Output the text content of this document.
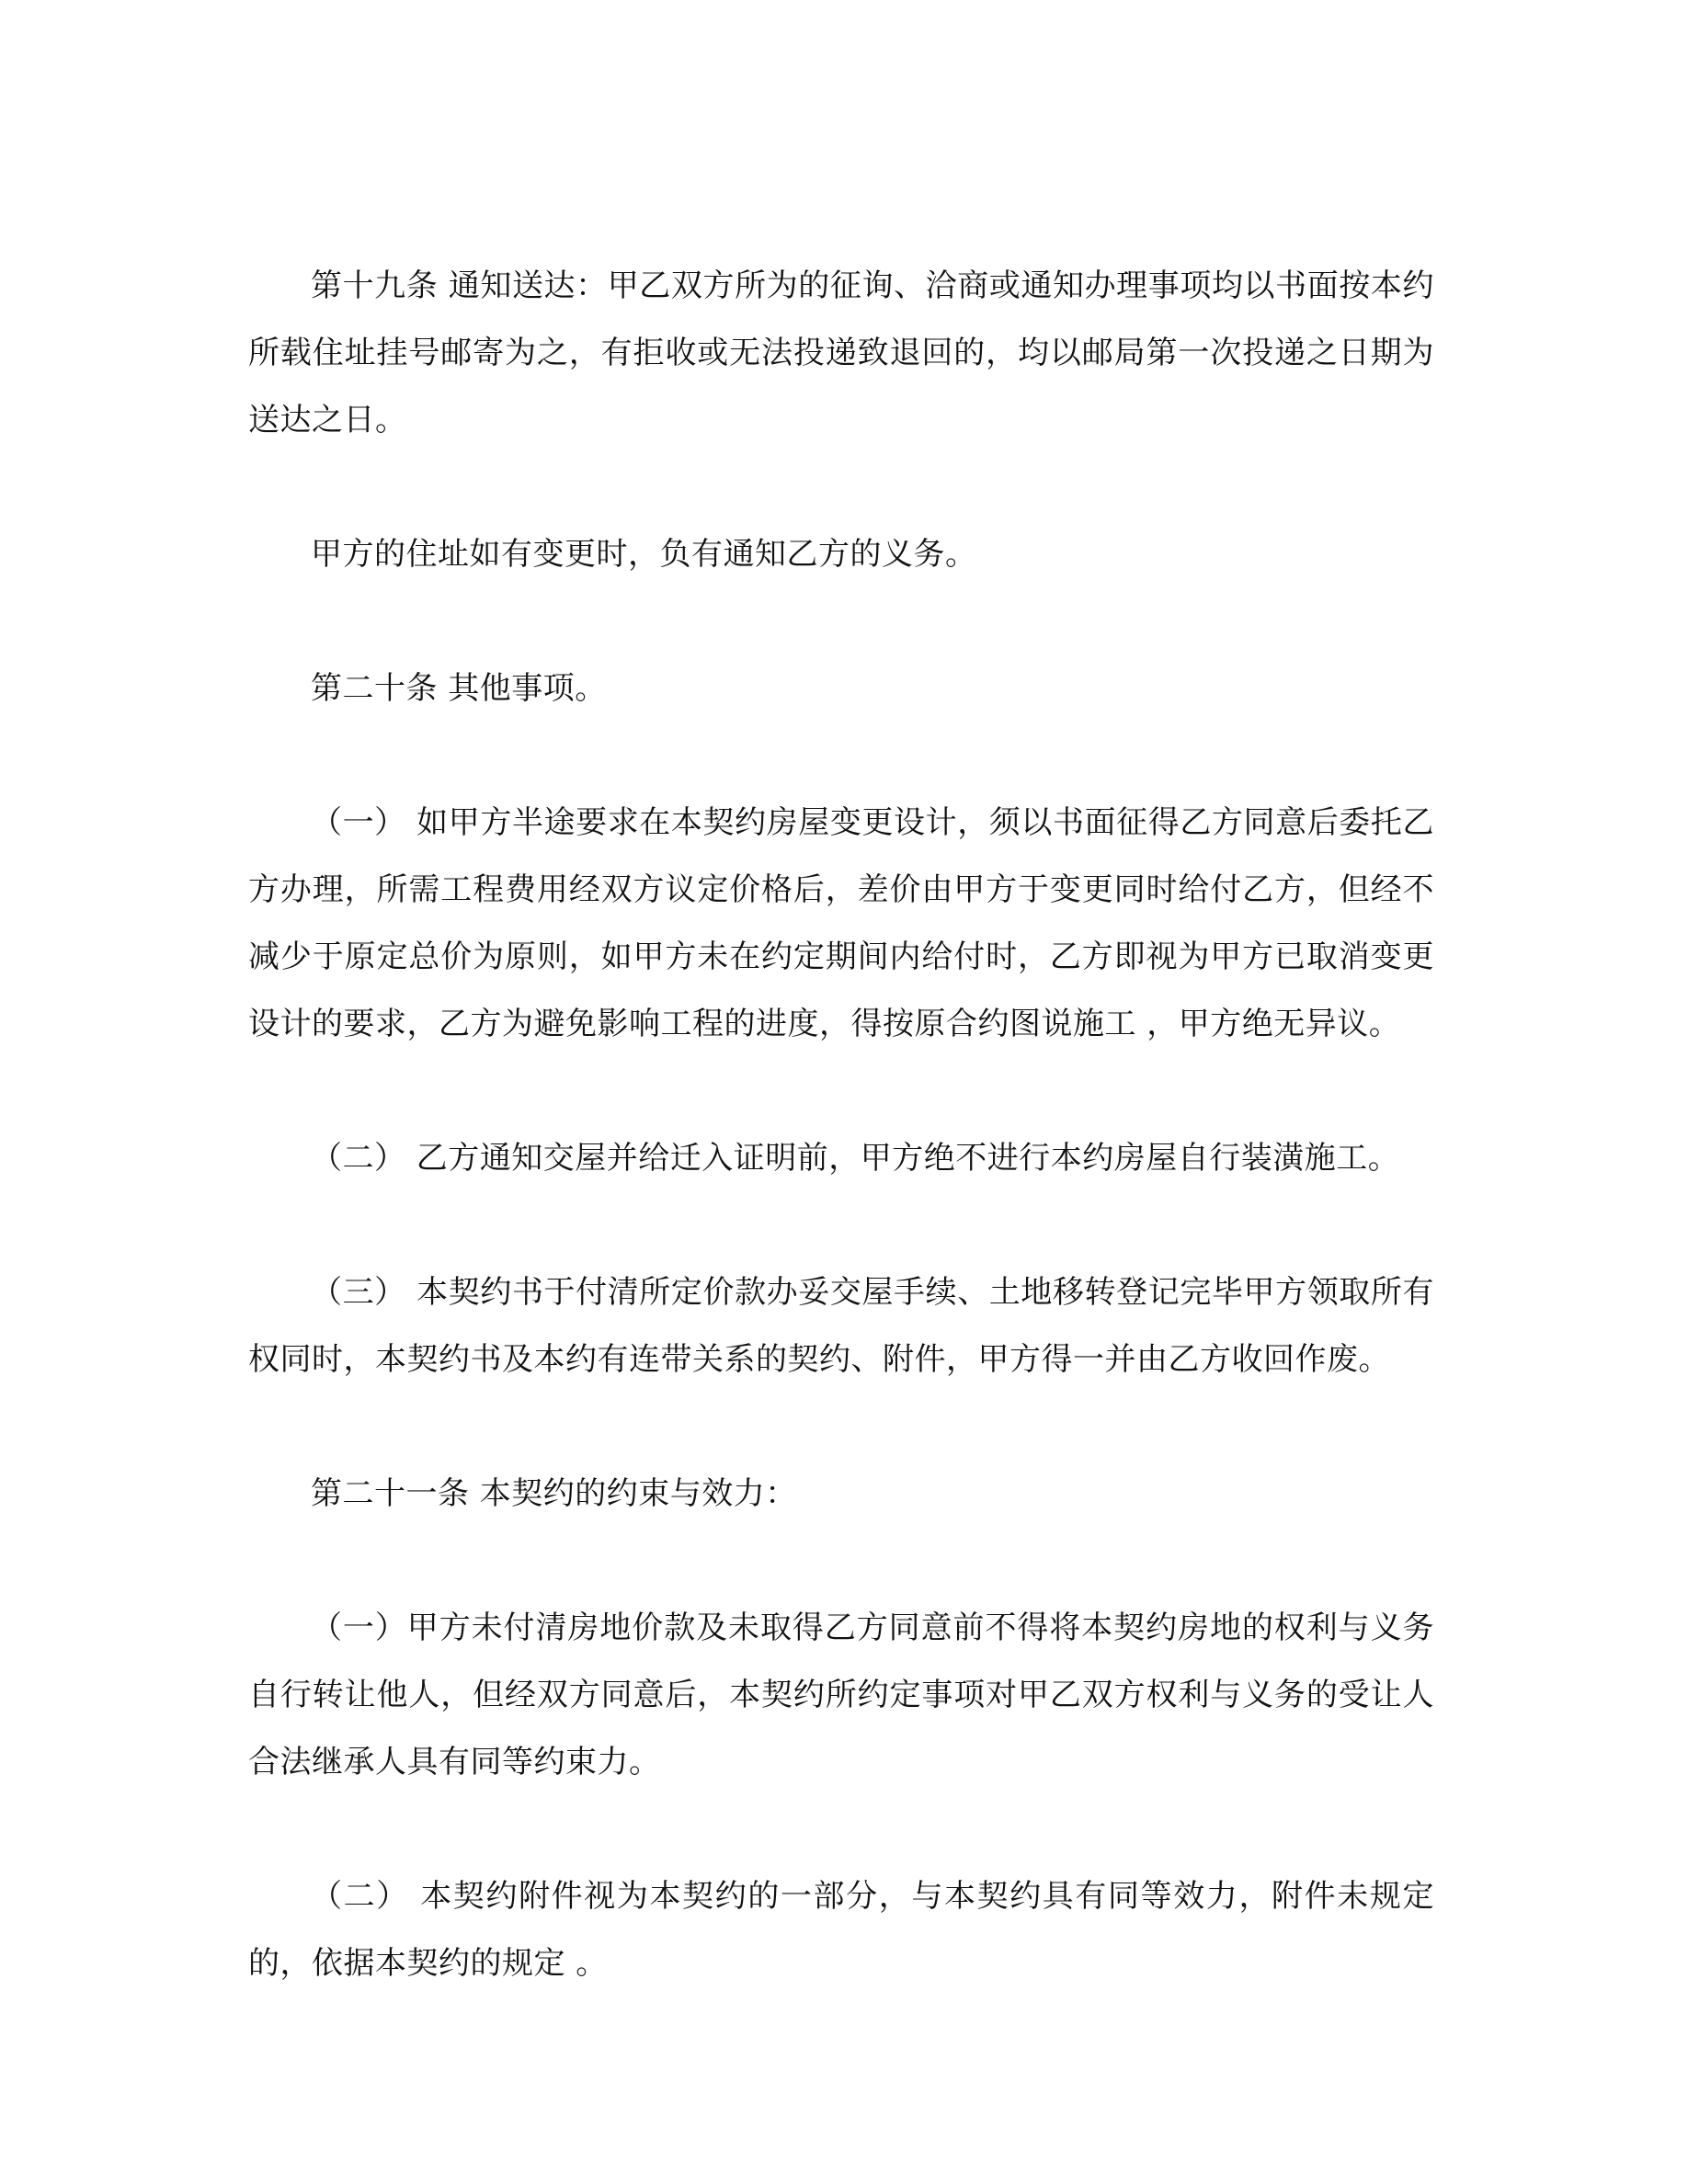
第十九条 通知送达：甲乙双方所为的征询、洽商或通知办理事项均以书面按本约所载住址挂号邮寄为之，有拒收或无法投递致退回的，均以邮局第一次投递之日期为送达之日。

甲方的住址如有变更时，负有通知乙方的义务。

第二十条 其他事项。

（一） 如甲方半途要求在本契约房屋变更设计，须以书面征得乙方同意后委托乙方办理，所需工程费用经双方议定价格后，差价由甲方于变更同时给付乙方，但经不减少于原定总价为原则，如甲方未在约定期间内给付时，乙方即视为甲方已取消变更设计的要求，乙方为避免影响工程的进度，得按原合约图说施工 ，甲方绝无异议。

（二） 乙方通知交屋并给迁入证明前，甲方绝不进行本约房屋自行装潢施工。

（三） 本契约书于付清所定价款办妥交屋手续、土地移转登记完毕甲方领取所有权同时，本契约书及本约有连带关系的契约、附件，甲方得一并由乙方收回作废。

第二十一条 本契约的约束与效力：

（一）甲方未付清房地价款及未取得乙方同意前不得将本契约房地的权利与义务自行转让他人，但经双方同意后，本契约所约定事项对甲乙双方权利与义务的受让人合法继承人具有同等约束力。

（二） 本契约附件视为本契约的一部分，与本契约具有同等效力，附件未规定的，依据本契约的规定 。
